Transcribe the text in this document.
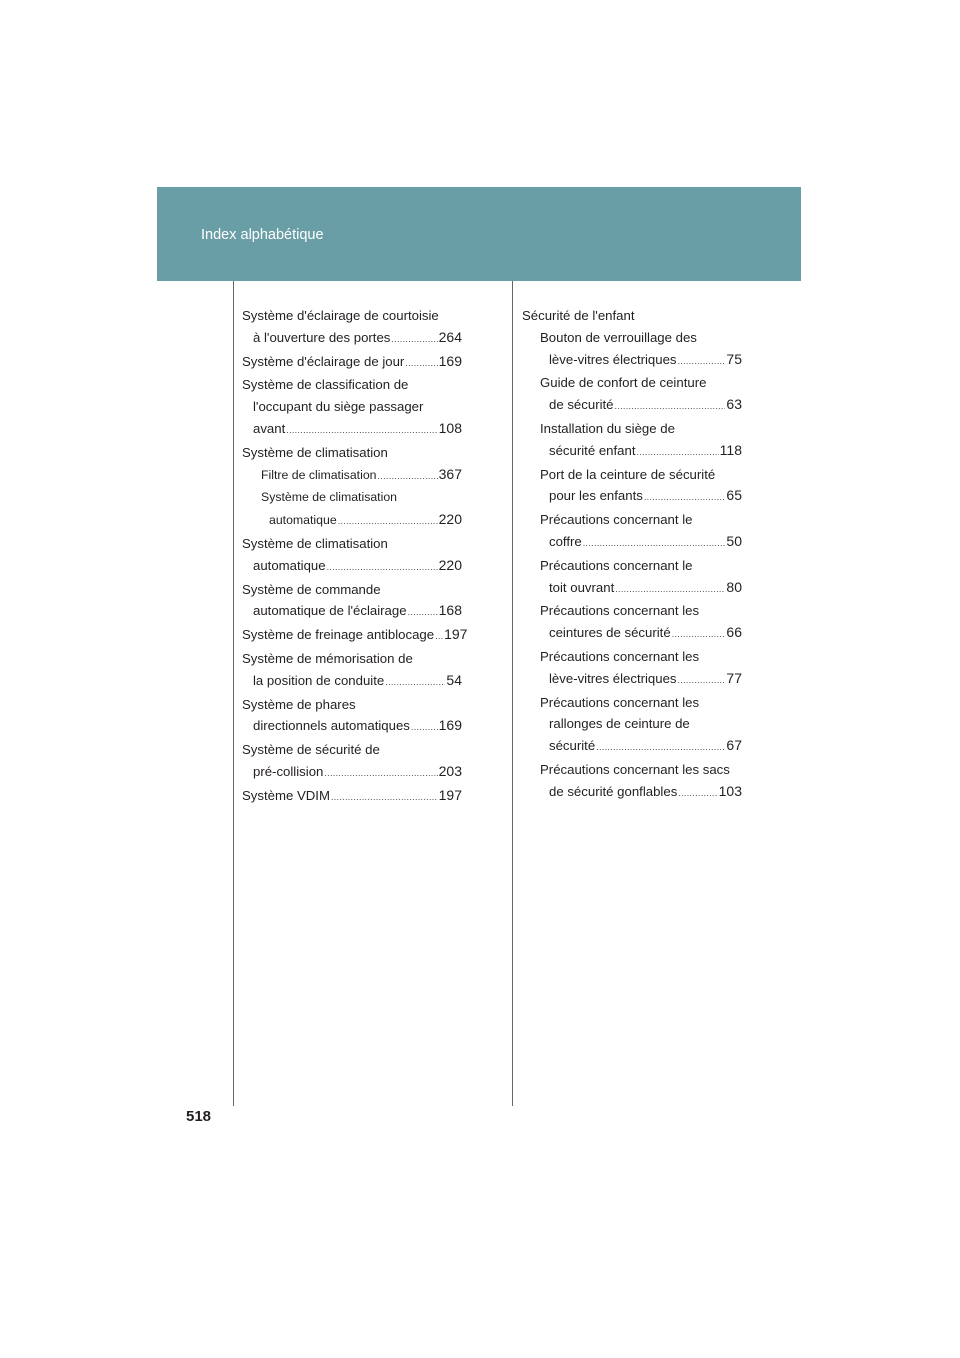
Index alphabétique
Système d'éclairage de courtoisie
à l'ouverture des portes .....	264
Système d'éclairage de jour ..... 169
Système de classification de
l'occupant du siège passager
avant .....	108
Système de climatisation
Filtre de climatisation .....	367
Système de climatisation
automatique .....	220
Système de climatisation
automatique .....	220
Système de commande
automatique de l'éclairage ..... 168
Système de freinage antiblocage ..... 197
Système de mémorisation de
la position de conduite .....	54
Système de phares
directionnels automatiques ..... 169
Système de sécurité de
pré-collision .....	203
Système VDIM .....	197
Sécurité de l'enfant
Bouton de verrouillage des
lève-vitres électriques .....	75
Guide de confort de ceinture
de sécurité .....	63
Installation du siège de
sécurité enfant .....	118
Port de la ceinture de sécurité
pour les enfants .....	65
Précautions concernant le
coffre .....	50
Précautions concernant le
toit ouvrant .....	80
Précautions concernant les
ceintures de sécurité .....	66
Précautions concernant les
lève-vitres électriques .....	77
Précautions concernant les
rallonges de ceinture de
sécurité .....	67
Précautions concernant les sacs
de sécurité gonflables .....	103
518
